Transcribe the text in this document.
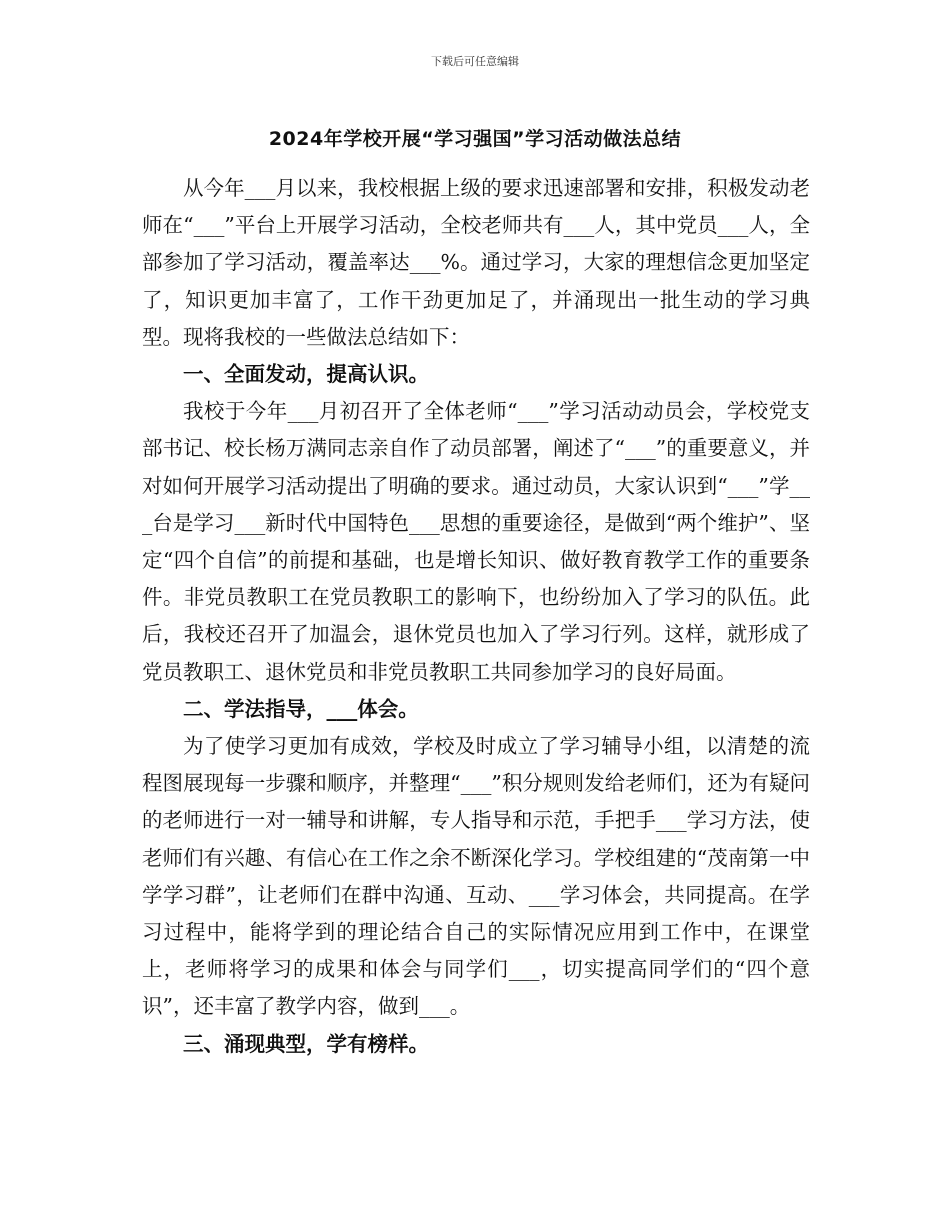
下载后可任意编辑
2024年学校开展“学习强国”学习活动做法总结

从今年___月以来，我校根据上级的要求迅速部署和安排，积极发动老师在“___”平台上开展学习活动，全校老师共有___人，其中党员___人，全部参加了学习活动，覆盖率达___%。通过学习，大家的理想信念更加坚定了，知识更加丰富了，工作干劲更加足了，并涌现出一批生动的学习典型。现将我校的一些做法总结如下：

一、全面发动，提高认识。

我校于今年___月初召开了全体老师“___”学习活动动员会，学校党支部书记、校长杨万满同志亲自作了动员部署，阐述了“___”的重要意义，并对如何开展学习活动提出了明确的要求。通过动员，大家认识到“___”学___台是学习___新时代中国特色___思想的重要途径，是做到“两个维护”、坚定“四个自信”的前提和基础，也是增长知识、做好教育教学工作的重要条件。非党员教职工在党员教职工的影响下，也纷纷加入了学习的队伍。此后，我校还召开了加温会，退休党员也加入了学习行列。这样，就形成了党员教职工、退休党员和非党员教职工共同参加学习的良好局面。

二、学法指导，___体会。

为了使学习更加有成效，学校及时成立了学习辅导小组，以清楚的流程图展现每一步骤和顺序，并整理“___”积分规则发给老师们，还为有疑问的老师进行一对一辅导和讲解，专人指导和示范，手把手___学习方法，使老师们有兴趣、有信心在工作之余不断深化学习。学校组建的“茂南第一中学学习群”，让老师们在群中沟通、互动、___学习体会，共同提高。在学习过程中，能将学到的理论结合自己的实际情况应用到工作中，在课堂上，老师将学习的成果和体会与同学们___，切实提高同学们的“四个意识”，还丰富了教学内容，做到___。

三、涌现典型，学有榜样。
